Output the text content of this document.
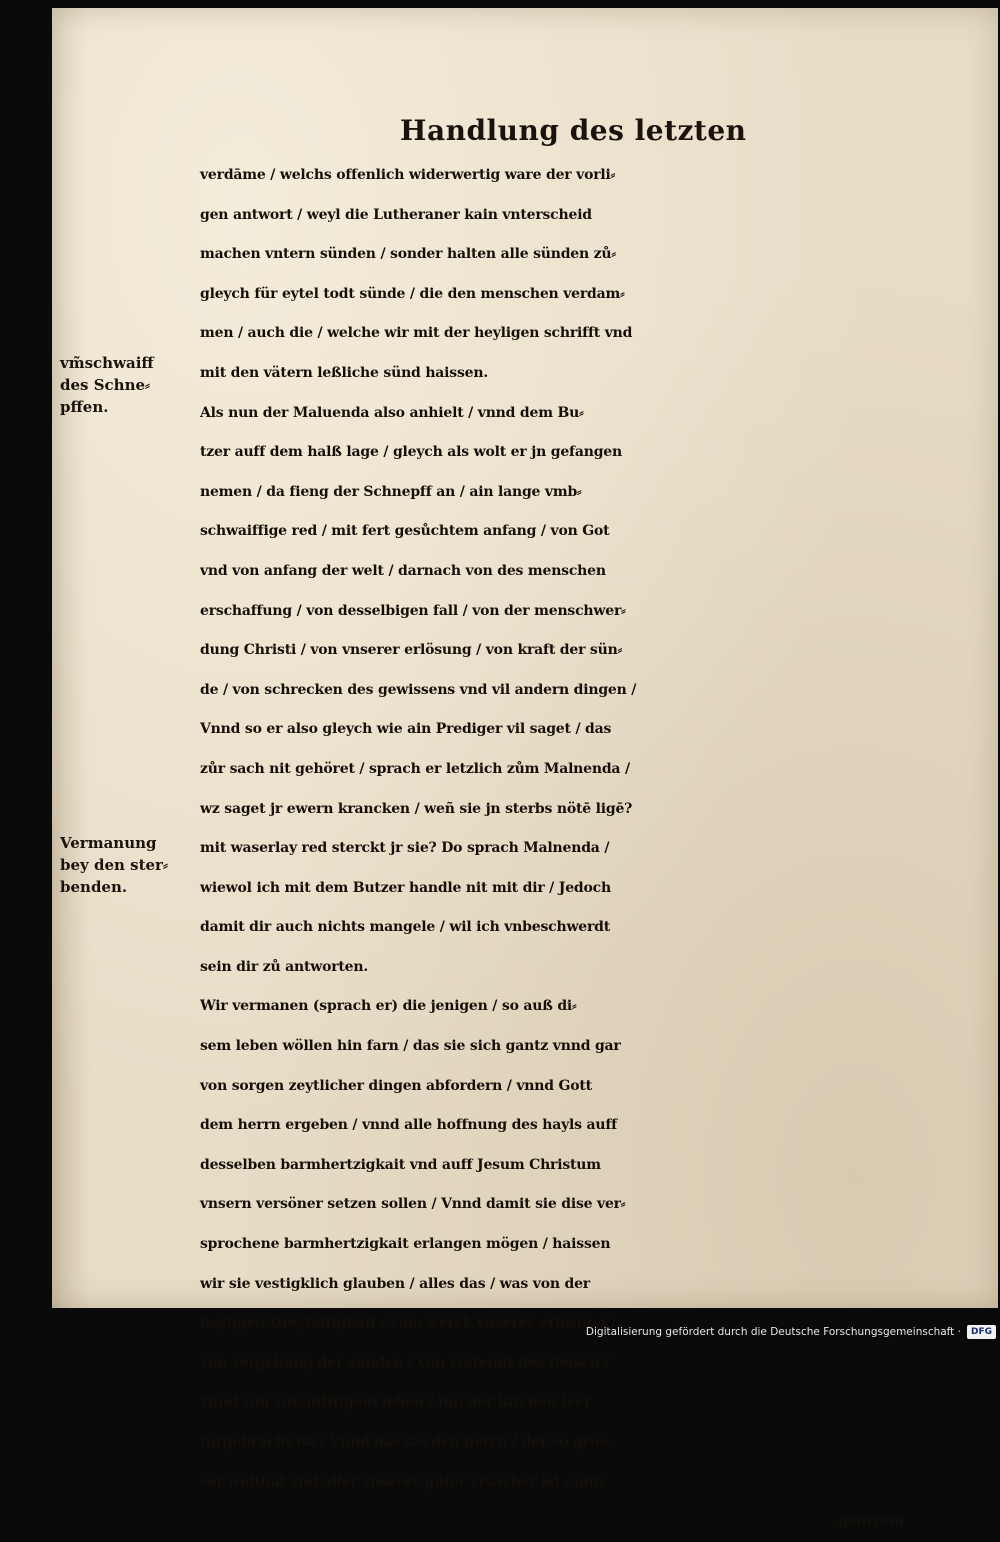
Handlung des letzten
vm̃schwaiff
des Schne⸗
pffen.
Vermanung
bey den ster⸗
benden.
verdāme / welchs offenlich widerwertig ware der vorli⸗
gen antwort / weyl die Lutheraner kain vnterscheid
machen vntern sünden / sonder halten alle sünden zů⸗
gleych für eytel todt sünde / die den menschen verdam⸗
men / auch die / welche wir mit der heyligen schrifft vnd
mit den vätern leßliche sünd haissen.
Als nun der Maluenda also anhielt / vnnd dem Bu⸗
tzer auff dem halß lage / gleych als wolt er jn gefangen
nemen / da fieng der Schnepff an / ain lange vmb⸗
schwaiffige red / mit fert gesůchtem anfang / von Got
vnd von anfang der welt / darnach von des menschen
erschaffung / von desselbigen fall / von der menschwer⸗
dung Christi / von vnserer erlösung / von kraft der sün⸗
de / von schrecken des gewissens vnd vil andern dingen /
Vnnd so er also gleych wie ain Prediger vil saget / das
zůr sach nit gehöret / sprach er letzlich zům Malnenda /
wz saget jr ewern krancken / weñ sie jn sterbs nötē ligē?
mit waserlay red sterckt jr sie? Do sprach Malnenda /
wiewol ich mit dem Butzer handle nit mit dir / Jedoch
damit dir auch nichts mangele / wil ich vnbeschwerdt
sein dir zů antworten.
Wir vermanen (sprach er) die jenigen / so auß di⸗
sem leben wöllen hin farn / das sie sich gantz vnnd gar
von sorgen zeytlicher dingen abfordern / vnnd Gott
dem herrn ergeben / vnnd alle hoffnung des hayls auff
desselben barmhertzigkait vnd auff Jesum Christum
vnsern versöner setzen sollen / Vnnd damit sie dise ver⸗
sprochene barmhertzigkait erlangen mögen / haissen
wir sie vestigklich glauben / alles das / was von der
heyligen Dreyfaltigkait / vom werck vnserer erlösung /
von vergebung der sünden / von vrstendt des fleisch /
vnnd von zůkunfftigem leben / inn der kirchen leer
fürgebracht ist / Vnnd das sie den herrn / der so gros⸗
ser wolthat vnd aller vnserer güter vrsacher ist / auß
gantzem
Digitalisierung gefördert durch die Deutsche Forschungsgemeinschaft ·	DFG
